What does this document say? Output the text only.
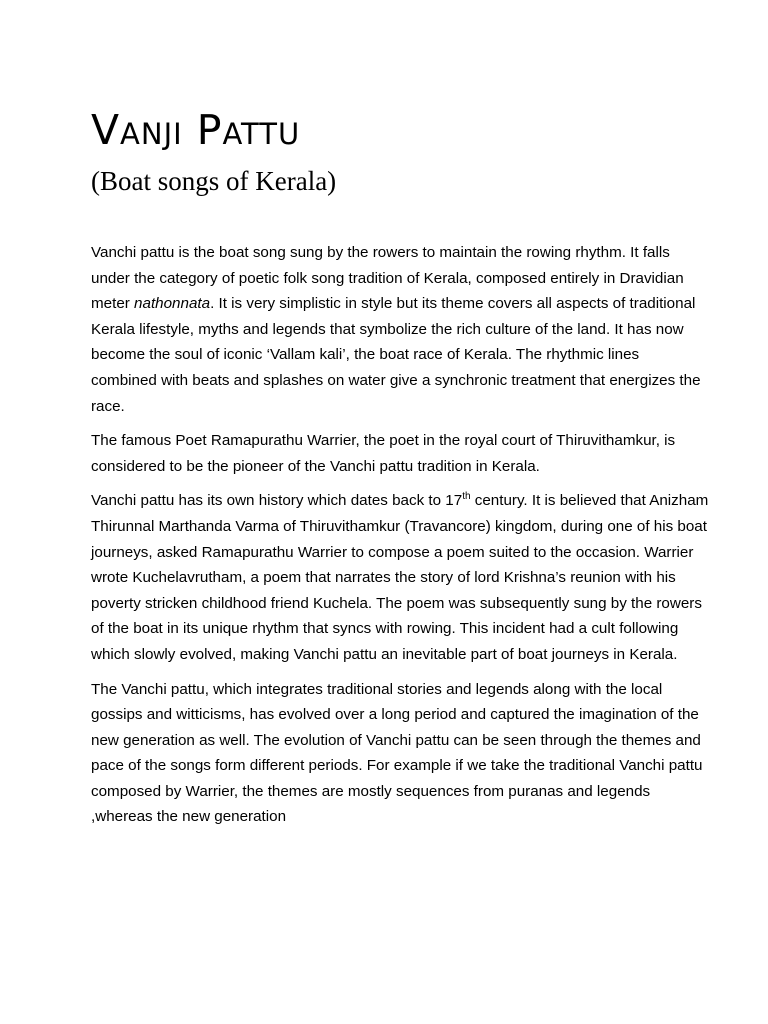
Vanji Pattu
(Boat songs of Kerala)

Vanchi pattu is the boat song sung by the rowers to maintain the rowing rhythm. It falls under the category of poetic folk song tradition of Kerala, composed entirely in Dravidian meter nathonnata. It is very simplistic in style but its theme covers all aspects of traditional Kerala lifestyle, myths and legends that symbolize the rich culture of the land. It has now become the soul of iconic ‘Vallam kali’, the boat race of Kerala. The rhythmic lines combined with beats and splashes on water give a synchronic treatment that energizes the race.

The famous Poet Ramapurathu Warrier, the poet in the royal court of Thiruvithamkur, is considered to be the pioneer of the Vanchi pattu tradition in Kerala.

Vanchi pattu has its own history which dates back to 17th century. It is believed that Anizham Thirunnal Marthanda Varma of Thiruvithamkur (Travancore) kingdom, during one of his boat journeys, asked Ramapurathu Warrier to compose a poem suited to the occasion. Warrier wrote Kuchelavrutham, a poem that narrates the story of lord Krishna’s reunion with his poverty stricken childhood friend Kuchela. The poem was subsequently sung by the rowers of the boat in its unique rhythm that syncs with rowing. This incident had a cult following which slowly evolved, making Vanchi pattu an inevitable part of boat journeys in Kerala.

The Vanchi pattu, which integrates traditional stories and legends along with the local gossips and witticisms, has evolved over a long period and captured the imagination of the new generation as well. The evolution of Vanchi pattu can be seen through the themes and pace of the songs form different periods. For example if we take the traditional Vanchi pattu composed by Warrier, the themes are mostly sequences from puranas and legends ,whereas the new generation
